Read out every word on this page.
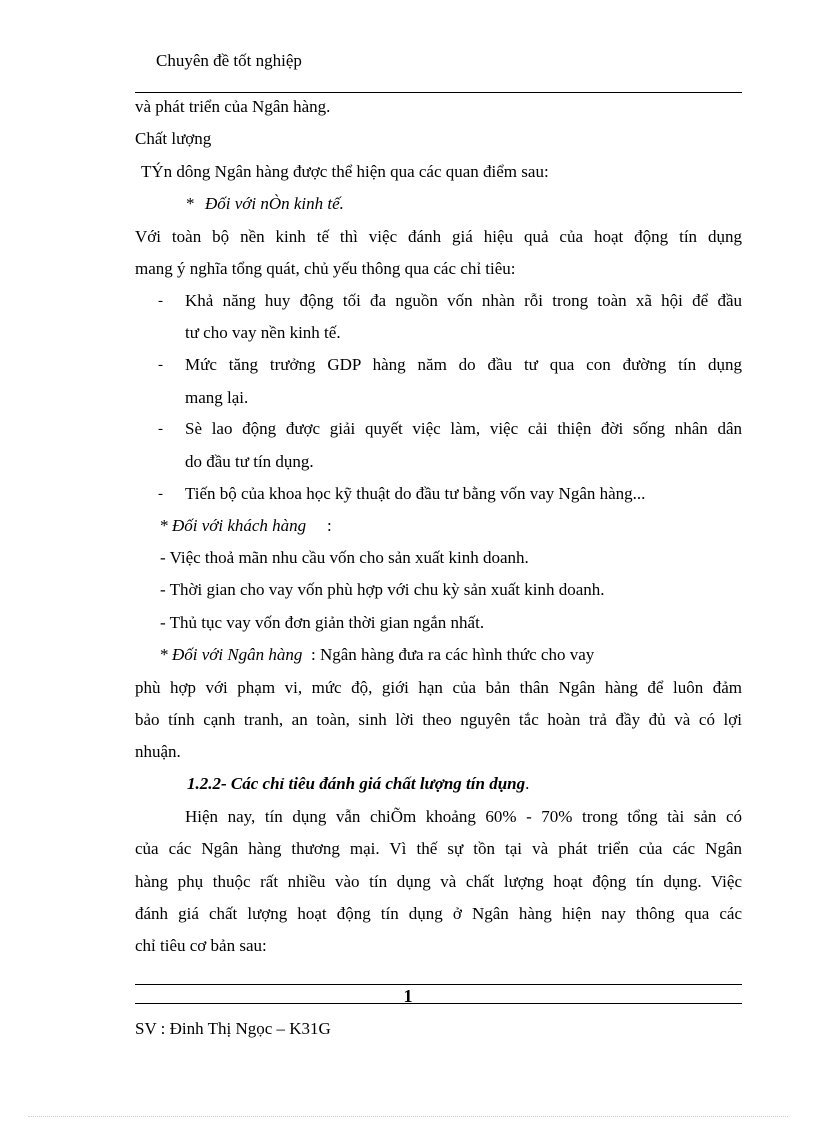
Chuyên đề tốt nghiệp
và phát triển của Ngân hàng.
Chất lượng
TÝn dông Ngân hàng được thể hiện qua các quan điểm sau:
* Đối với nÒn kinh tế.
Với toàn bộ nền kinh tế thì việc đánh giá hiệu quả của hoạt động tín dụng
mang ý nghĩa tổng quát, chủ yếu thông qua các chỉ tiêu:
- Khả năng huy động tối đa nguồn vốn nhàn rỗi trong toàn xã hội để đầu
tư cho vay nền kinh tế.
- Mức tăng trưởng GDP hàng năm do đầu tư qua con đường tín dụng
mang lại.
- Sè lao động được giải quyết việc làm, việc cải thiện đời sống nhân dân
do đầu tư tín dụng.
- Tiến bộ của khoa học kỹ thuật do đầu tư bằng vốn vay Ngân hàng...
* Đối với khách hàng :
- Việc thoả mãn nhu cầu vốn cho sản xuất kinh doanh.
- Thời gian cho vay vốn phù hợp với chu kỳ sản xuất kinh doanh.
- Thủ tục vay vốn đơn giản thời gian ngắn nhất.
* Đối với Ngân hàng : Ngân hàng đưa ra các hình thức cho vay
phù hợp với phạm vi, mức độ, giới hạn của bản thân Ngân hàng để luôn đảm
bảo tính cạnh tranh, an toàn, sinh lời theo nguyên tắc hoàn trả đầy đủ và có lợi
nhuận.
1.2.2- Các chỉ tiêu đánh giá chất lượng tín dụng.
Hiện nay, tín dụng vẫn chiÕm khoảng 60% - 70% trong tổng tài sản có
của các Ngân hàng thương mại. Vì thế sự tồn tại và phát triển của các Ngân
hàng phụ thuộc rất nhiều vào tín dụng và chất lượng hoạt động tín dụng. Việc
đánh giá chất lượng hoạt động tín dụng ở Ngân hàng hiện nay thông qua các
chỉ tiêu cơ bản sau:
1
SV : Đinh Thị Ngọc – K31G
